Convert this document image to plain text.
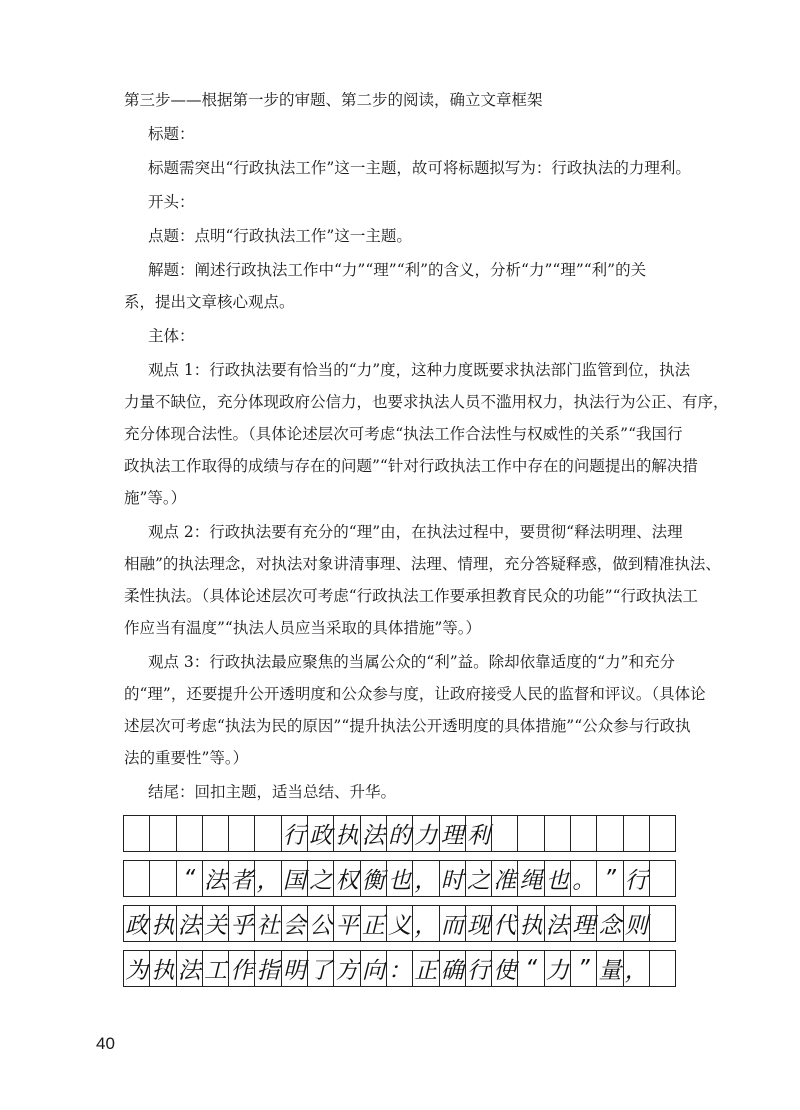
第三步——根据第一步的审题、第二步的阅读，确立文章框架
标题：
标题需突出“行政执法工作”这一主题，故可将标题拟写为：行政执法的力理利。
开头：
点题：点明“行政执法工作”这一主题。
解题：阐述行政执法工作中“力”“理”“利”的含义，分析“力”“理”“利”的关
系，提出文章核心观点。
主体：
观点 1：行政执法要有恰当的“力”度，这种力度既要求执法部门监管到位，执法
力量不缺位，充分体现政府公信力，也要求执法人员不滥用权力，执法行为公正、有序，
充分体现合法性。（具体论述层次可考虑“执法工作合法性与权威性的关系”“我国行
政执法工作取得的成绩与存在的问题”“针对行政执法工作中存在的问题提出的解决措
施”等。）
观点 2：行政执法要有充分的“理”由，在执法过程中，要贯彻“释法明理、法理
相融”的执法理念，对执法对象讲清事理、法理、情理，充分答疑释惑，做到精准执法、
柔性执法。（具体论述层次可考虑“行政执法工作要承担教育民众的功能”“行政执法工
作应当有温度”“执法人员应当采取的具体措施”等。）
观点 3：行政执法最应聚焦的当属公众的“利”益。除却依靠适度的“力”和充分
的“理”，还要提升公开透明度和公众参与度，让政府接受人民的监督和评议。（具体论
述层次可考虑“执法为民的原因”“提升执法公开透明度的具体措施”“公众参与行政执
法的重要性”等。）
结尾：回扣主题，适当总结、升华。
行 政 执 法 的 力 理 利
“ 法 者 ， 国 之 权 衡 也 ， 时 之 准 绳 也 。 ” 行
政 执 法 关 乎 社 会 公 平 正 义 ， 而 现 代 执 法 理 念 则
为 执 法 工 作 指 明 了 方 向 ： 正 确 行 使 “ 力 ” 量 ，
40
